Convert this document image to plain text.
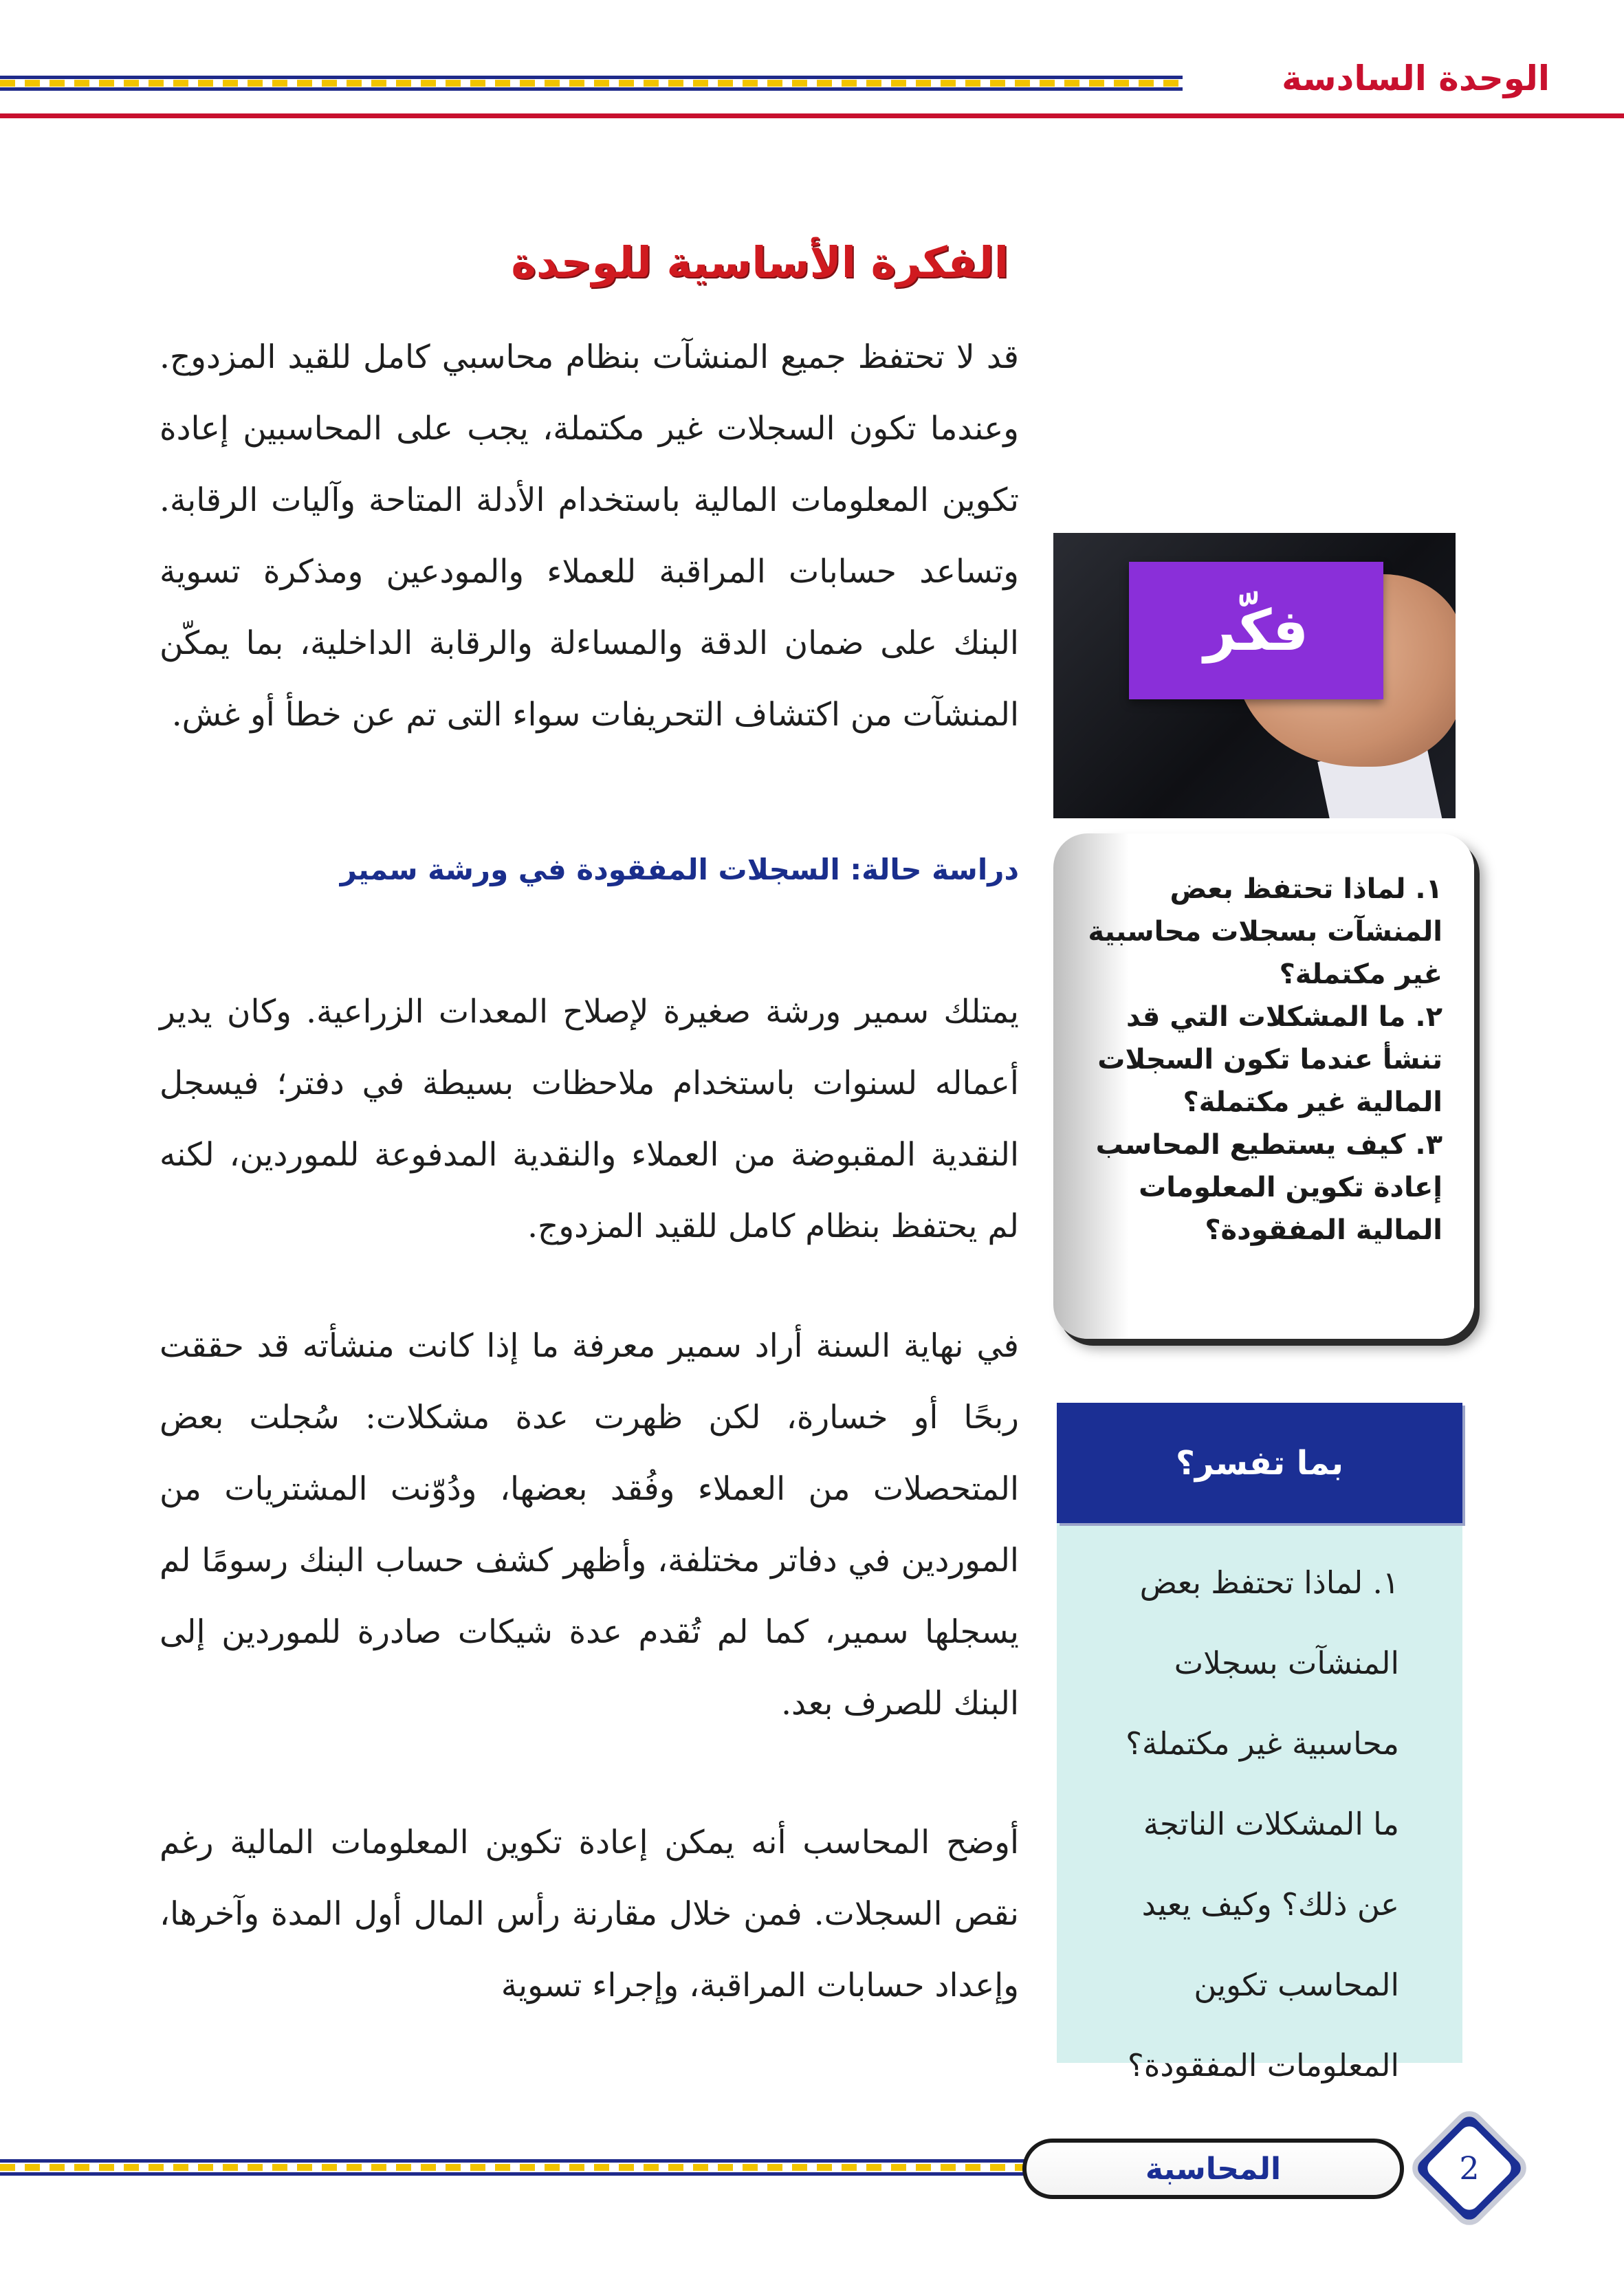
الوحدة السادسة
الفكرة الأساسية للوحدة

قد لا تحتفظ جميع المنشآت بنظام محاسبي كامل للقيد المزدوج. وعندما تكون السجلات غير مكتملة، يجب على المحاسبين إعادة تكوين المعلومات المالية باستخدام الأدلة المتاحة وآليات الرقابة. وتساعد حسابات المراقبة للعملاء والمودعين ومذكرة تسوية البنك على ضمان الدقة والمساءلة والرقابة الداخلية، بما يمكّن المنشآت من اكتشاف التحريفات سواء التى تم عن خطأ أو غش.

دراسة حالة: السجلات المفقودة في ورشة سمير

يمتلك سمير ورشة صغيرة لإصلاح المعدات الزراعية. وكان يدير أعماله لسنوات باستخدام ملاحظات بسيطة في دفتر؛ فيسجل النقدية المقبوضة من العملاء والنقدية المدفوعة للموردين، لكنه لم يحتفظ بنظام كامل للقيد المزدوج.

في نهاية السنة أراد سمير معرفة ما إذا كانت منشأته قد حققت ربحًا أو خسارة، لكن ظهرت عدة مشكلات: سُجلت بعض المتحصلات من العملاء وفُقد بعضها، ودُوّنت المشتريات من الموردين في دفاتر مختلفة، وأظهر كشف حساب البنك رسومًا لم يسجلها سمير، كما لم تُقدم عدة شيكات صادرة للموردين إلى البنك للصرف بعد.

أوضح المحاسب أنه يمكن إعادة تكوين المعلومات المالية رغم نقص السجلات. فمن خلال مقارنة رأس المال أول المدة وآخرها، وإعداد حسابات المراقبة، وإجراء تسوية

فكّر
١. لماذا تحتفظ بعض المنشآت بسجلات محاسبية غير مكتملة؟
٢. ما المشكلات التي قد تنشأ عندما تكون السجلات المالية غير مكتملة؟
٣. كيف يستطيع المحاسب إعادة تكوين المعلومات المالية المفقودة؟
بما تفسر؟

١. لماذا تحتفظ بعض المنشآت بسجلات محاسبية غير مكتملة؟ ما المشكلات الناتجة عن ذلك؟ وكيف يعيد المحاسب تكوين المعلومات المفقودة؟

المحاسبة	2
